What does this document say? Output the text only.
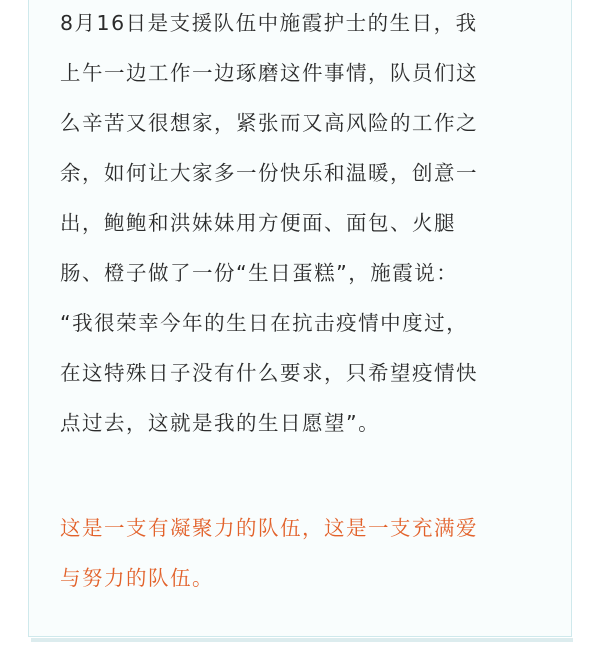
8月16日是支援队伍中施霞护士的生日，我
上午一边工作一边琢磨这件事情，队员们这
么辛苦又很想家，紧张而又高风险的工作之
余，如何让大家多一份快乐和温暖，创意一
出，鲍鲍和洪妹妹用方便面、面包、火腿
肠、橙子做了一份“生日蛋糕”，施霞说：
“我很荣幸今年的生日在抗击疫情中度过，
在这特殊日子没有什么要求，只希望疫情快
点过去，这就是我的生日愿望”。
这是一支有凝聚力的队伍，这是一支充满爱
与努力的队伍。
